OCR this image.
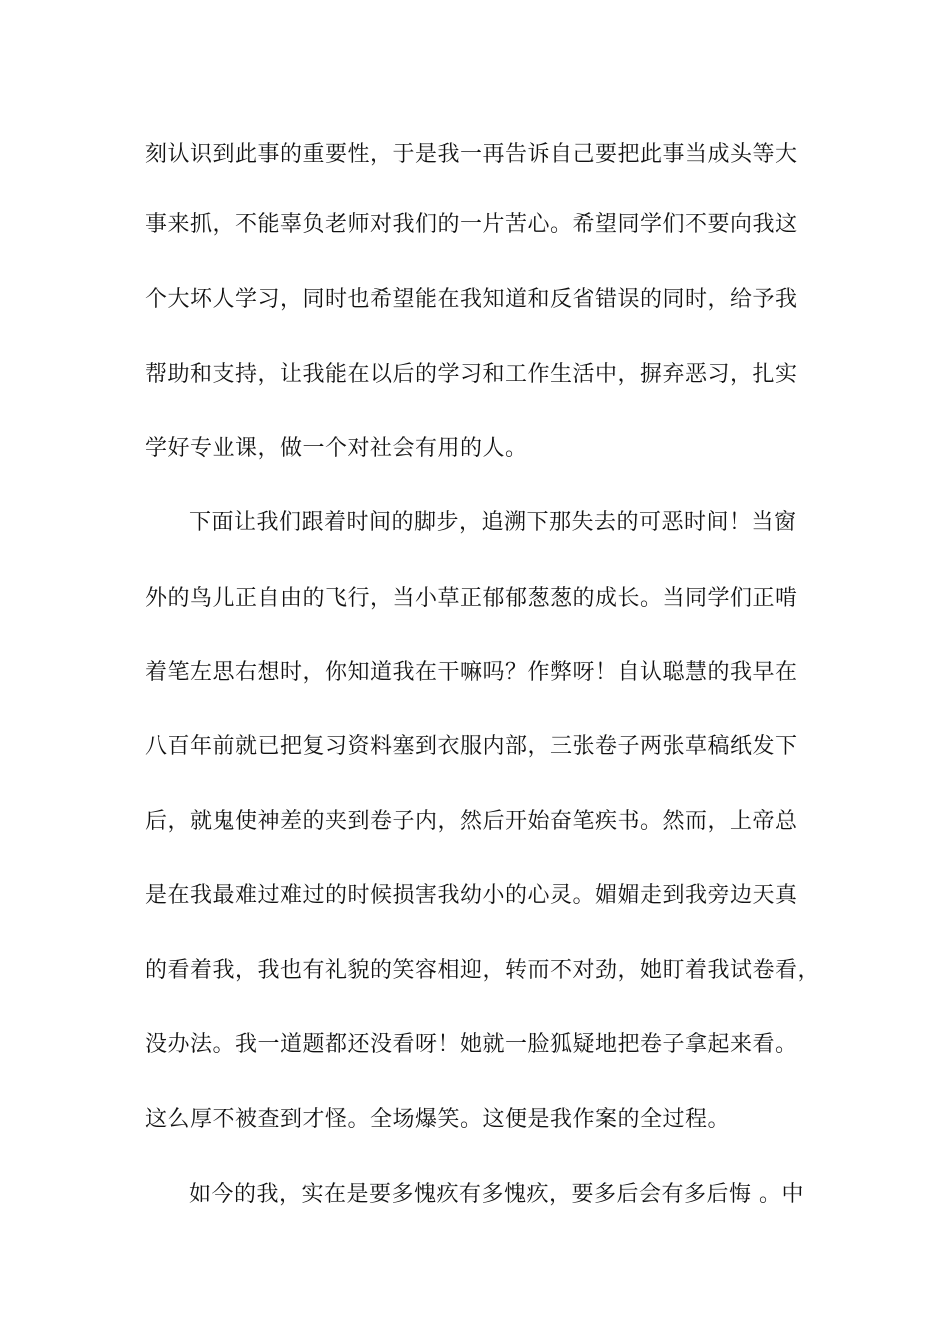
刻认识到此事的重要性，于是我一再告诉自己要把此事当成头等大
事来抓，不能辜负老师对我们的一片苦心。希望同学们不要向我这
个大坏人学习，同时也希望能在我知道和反省错误的同时，给予我
帮助和支持，让我能在以后的学习和工作生活中，摒弃恶习，扎实
学好专业课，做一个对社会有用的人。
下面让我们跟着时间的脚步，追溯下那失去的可恶时间！当窗
外的鸟儿正自由的飞行，当小草正郁郁葱葱的成长。当同学们正啃
着笔左思右想时，你知道我在干嘛吗？作弊呀！自认聪慧的我早在
八百年前就已把复习资料塞到衣服内部，三张卷子两张草稿纸发下
后，就鬼使神差的夹到卷子内，然后开始奋笔疾书。然而，上帝总
是在我最难过难过的时候损害我幼小的心灵。媚媚走到我旁边天真
的看着我，我也有礼貌的笑容相迎，转而不对劲，她盯着我试卷看，
没办法。我一道题都还没看呀！她就一脸狐疑地把卷子拿起来看。
这么厚不被查到才怪。全场爆笑。这便是我作案的全过程。
如今的我，实在是要多愧疚有多愧疚，要多后会有多后悔 。中
